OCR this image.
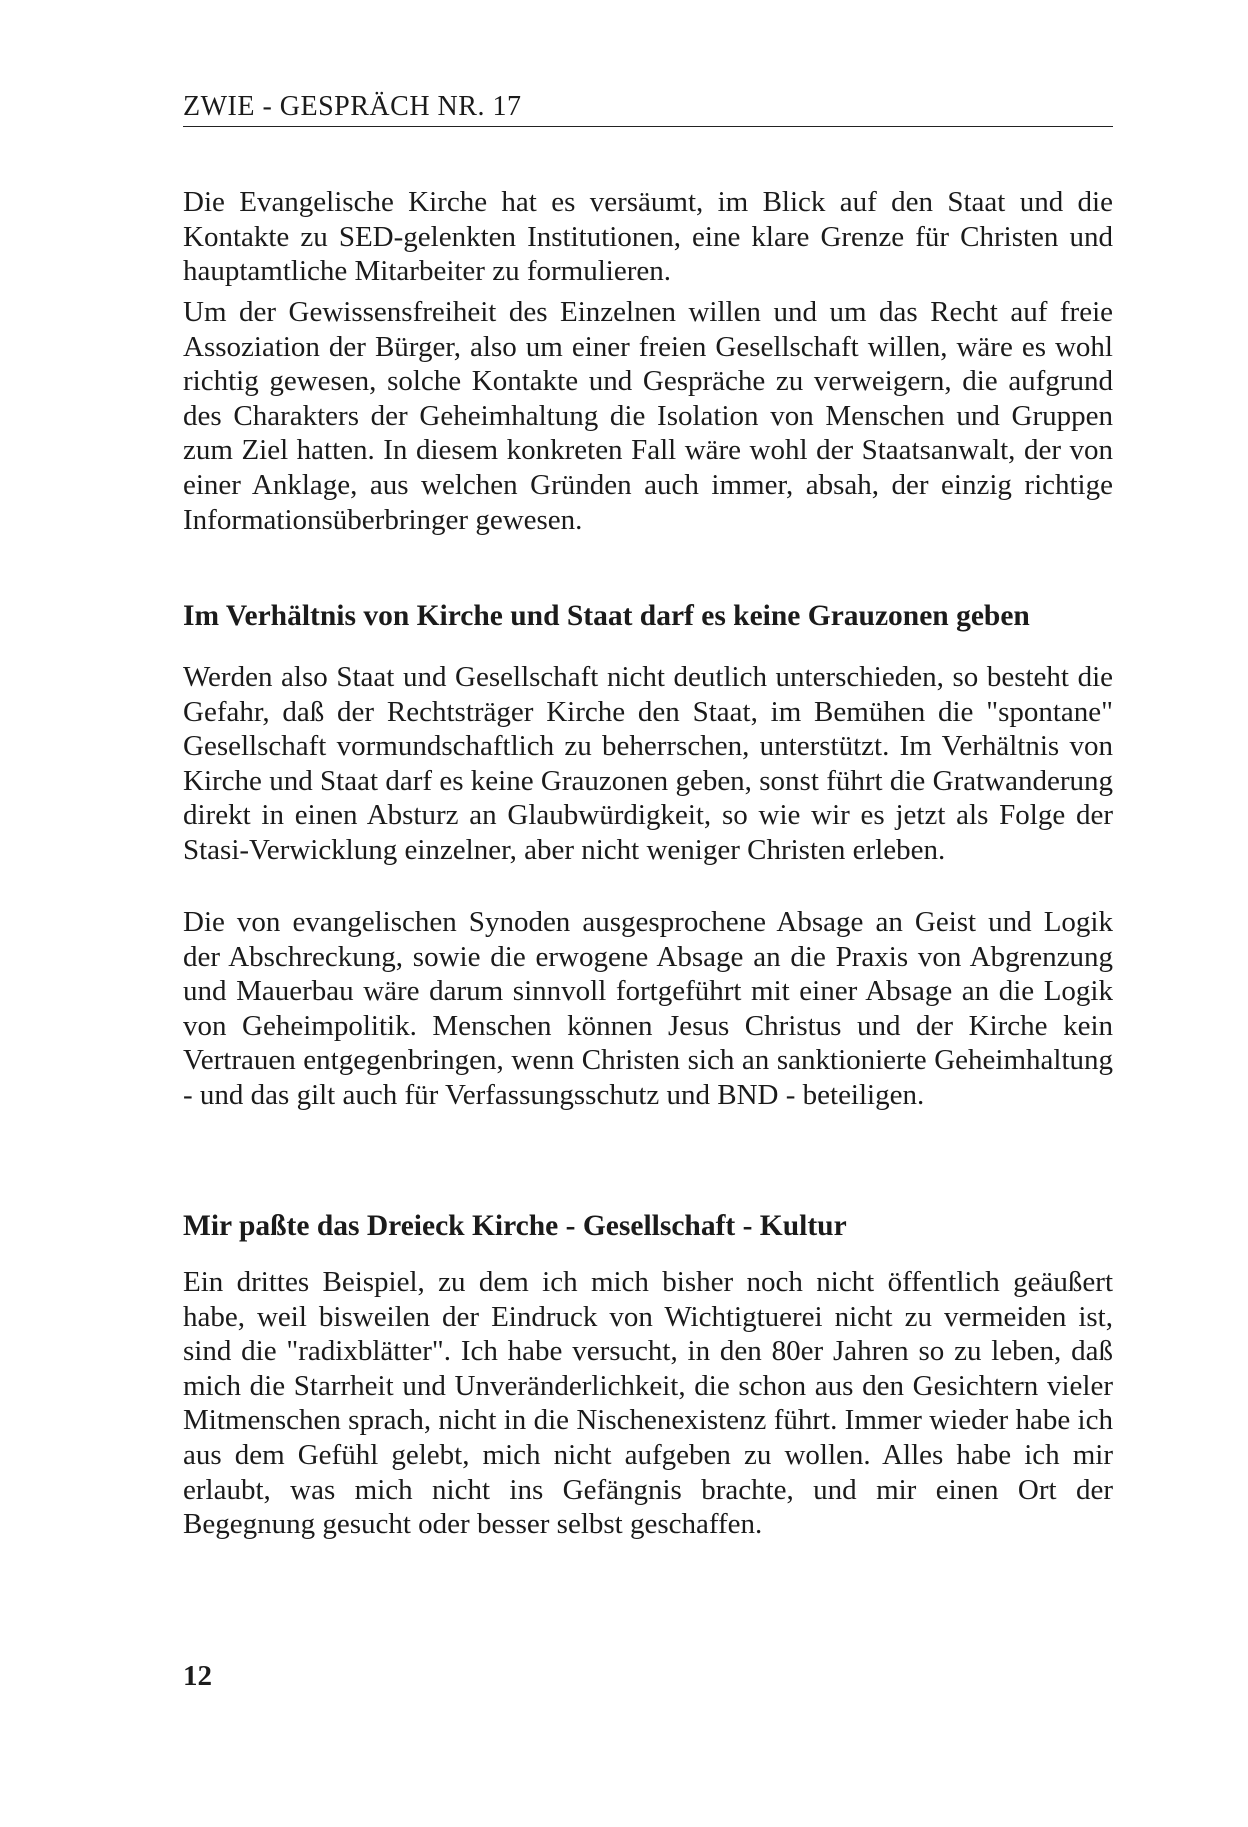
ZWIE - GESPRÄCH NR. 17

Die Evangelische Kirche hat es versäumt, im Blick auf den Staat und die Kontakte zu SED-gelenkten Institutionen, eine klare Grenze für Christen und hauptamtliche Mitarbeiter zu formulieren.

Um der Gewissensfreiheit des Einzelnen willen und um das Recht auf freie Assoziation der Bürger, also um einer freien Gesellschaft willen, wäre es wohl richtig gewesen, solche Kontakte und Gespräche zu verweigern, die aufgrund des Charakters der Geheimhaltung die Isolation von Menschen und Gruppen zum Ziel hatten. In diesem konkreten Fall wäre wohl der Staatsanwalt, der von einer Anklage, aus welchen Gründen auch immer, absah, der einzig richtige Informationsüberbringer gewesen.

Im Verhältnis von Kirche und Staat darf es keine Grauzonen geben

Werden also Staat und Gesellschaft nicht deutlich unterschieden, so besteht die Gefahr, daß der Rechtsträger Kirche den Staat, im Bemühen die "spontane" Gesellschaft vormundschaftlich zu beherrschen, unterstützt. Im Verhältnis von Kirche und Staat darf es keine Grauzonen geben, sonst führt die Gratwanderung direkt in einen Absturz an Glaubwürdigkeit, so wie wir es jetzt als Folge der Stasi-Verwicklung einzelner, aber nicht weniger Christen erleben.

Die von evangelischen Synoden ausgesprochene Absage an Geist und Logik der Abschreckung, sowie die erwogene Absage an die Praxis von Abgrenzung und Mauerbau wäre darum sinnvoll fortgeführt mit einer Absage an die Logik von Geheimpolitik. Menschen können Jesus Christus und der Kirche kein Vertrauen entgegenbringen, wenn Christen sich an sanktionierte Geheimhaltung - und das gilt auch für Verfassungsschutz und BND - beteiligen.

Mir paßte das Dreieck Kirche - Gesellschaft - Kultur

Ein drittes Beispiel, zu dem ich mich bisher noch nicht öffentlich geäußert habe, weil bisweilen der Eindruck von Wichtigtuerei nicht zu vermeiden ist, sind die "radixblätter". Ich habe versucht, in den 80er Jahren so zu leben, daß mich die Starrheit und Unveränderlichkeit, die schon aus den Gesichtern vieler Mitmenschen sprach, nicht in die Nischenexistenz führt. Immer wieder habe ich aus dem Gefühl gelebt, mich nicht aufgeben zu wollen. Alles habe ich mir erlaubt, was mich nicht ins Gefängnis brachte, und mir einen Ort der Begegnung gesucht oder besser selbst geschaffen.

12
